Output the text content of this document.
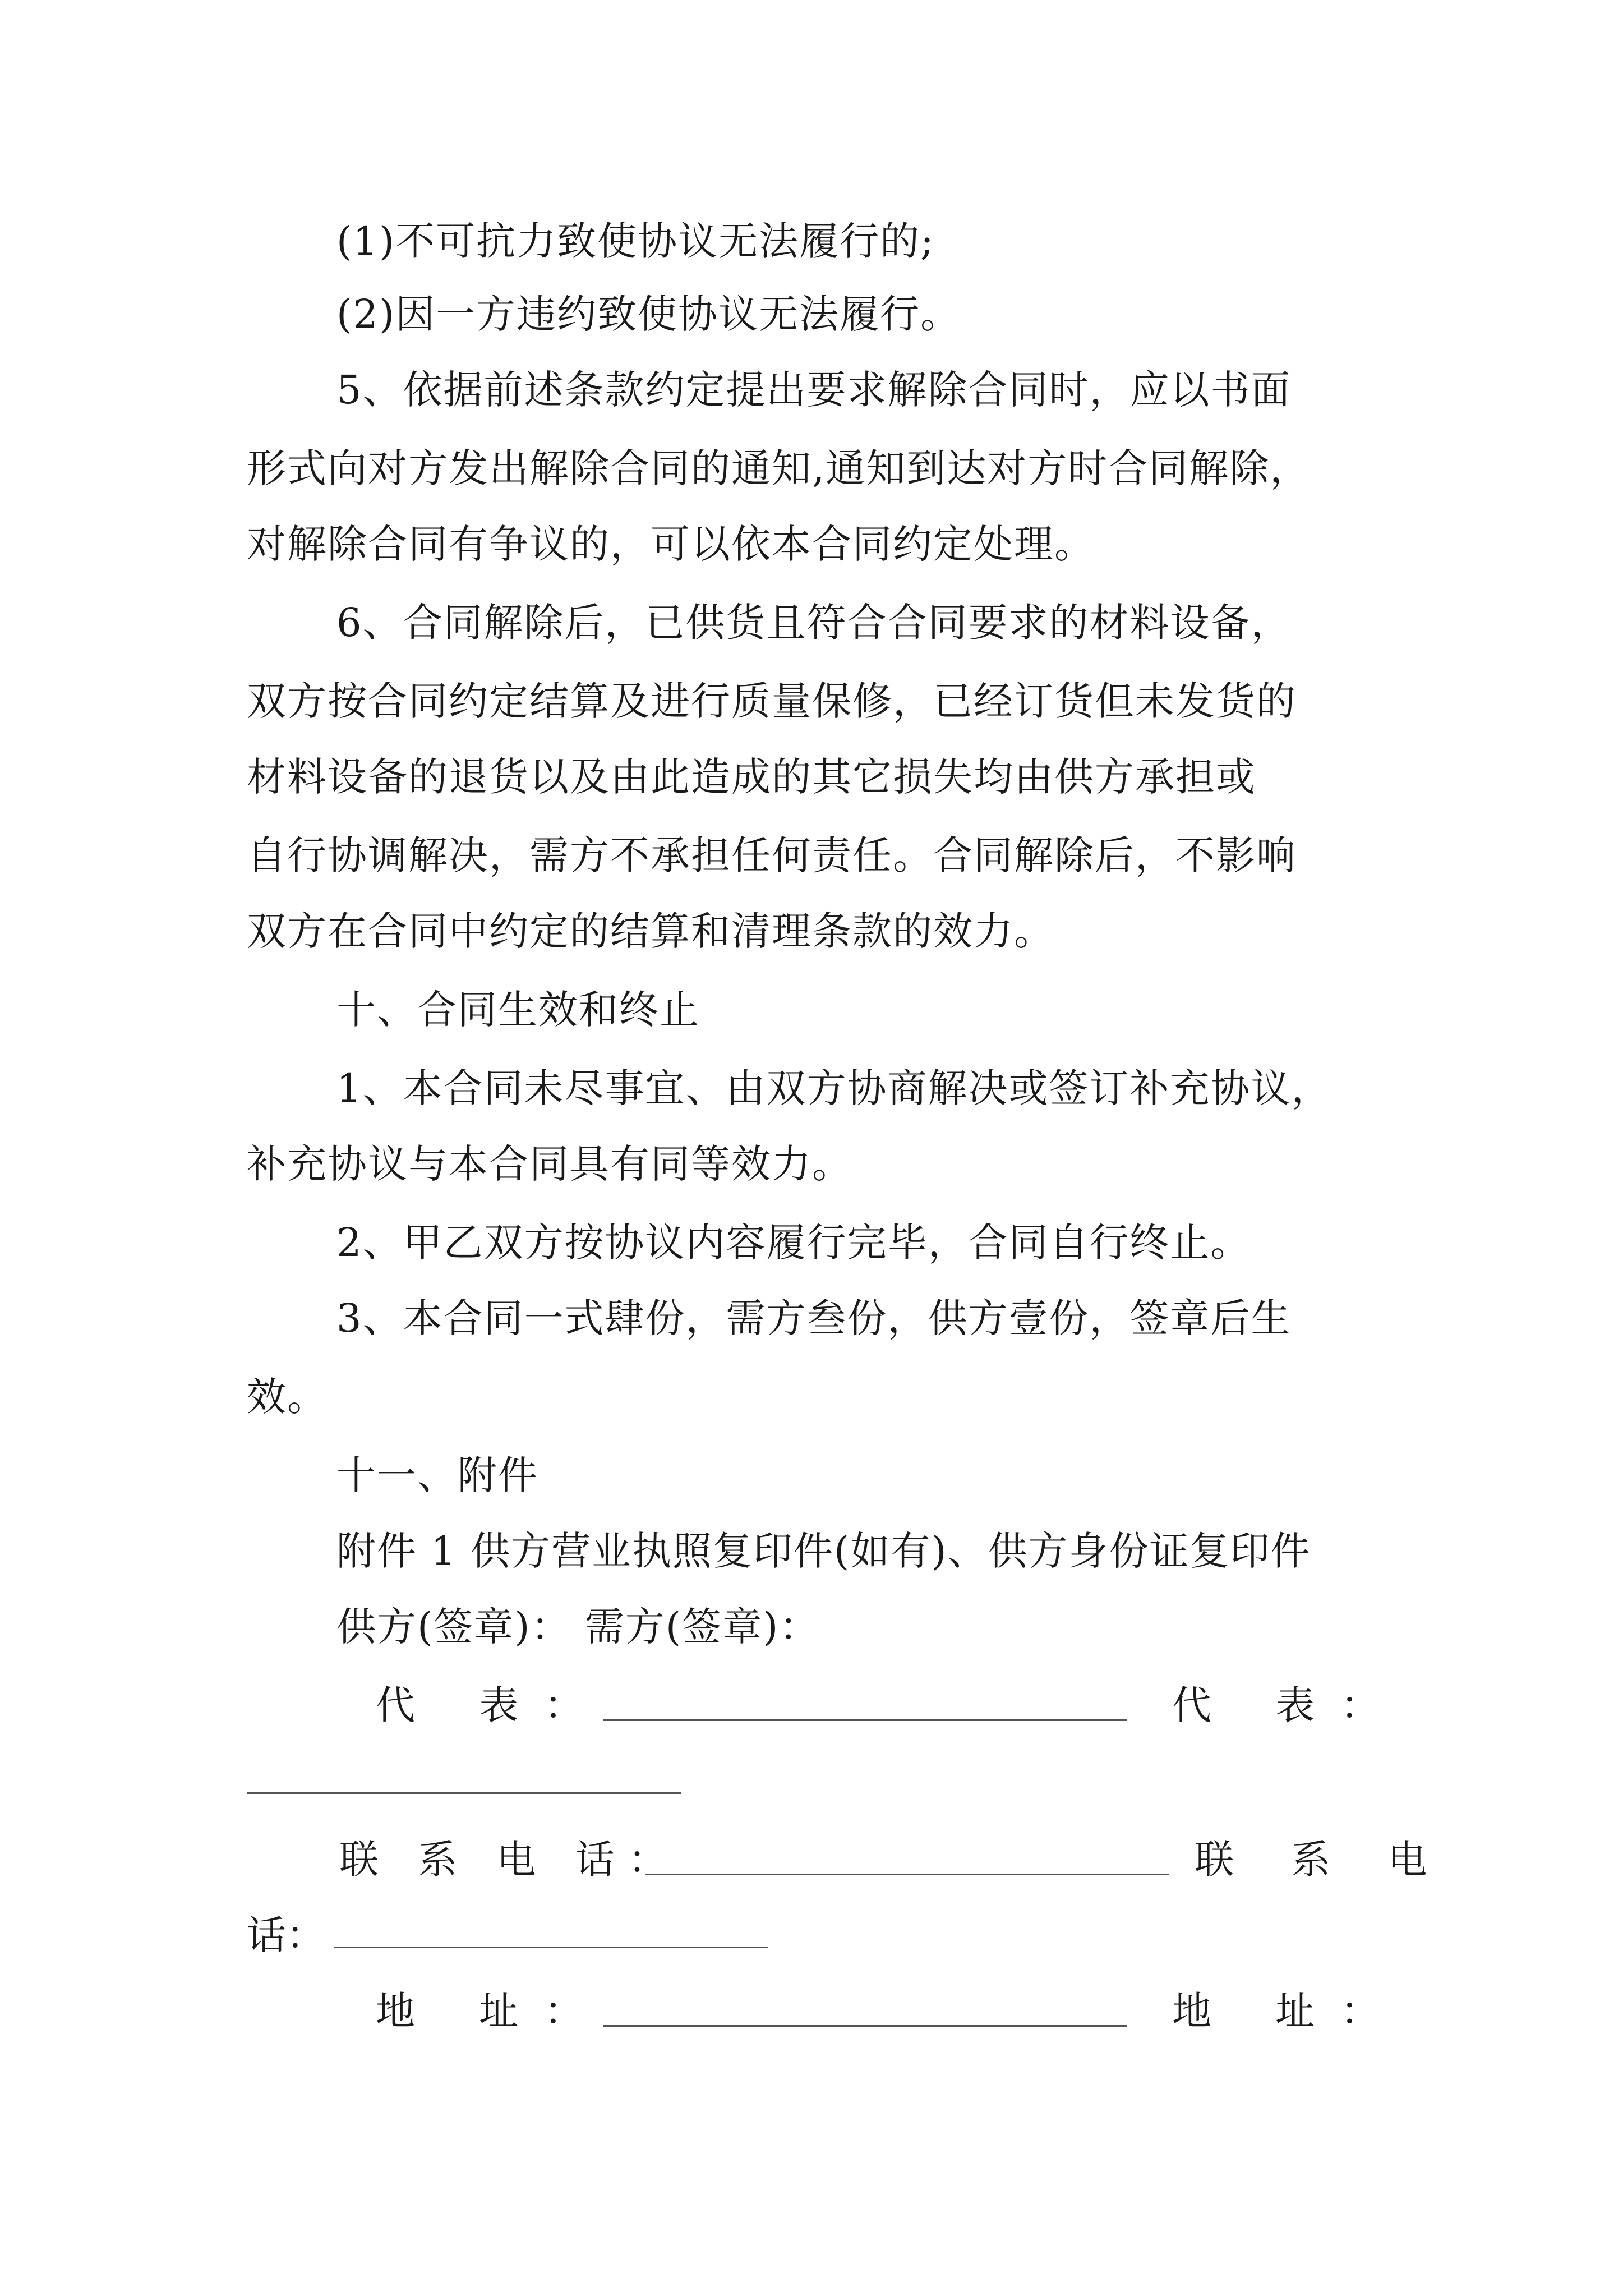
(1)不可抗力致使协议无法履行的;
(2)因一方违约致使协议无法履行。
5、依据前述条款约定提出要求解除合同时，应以书面
形式向对方发出解除合同的通知,通知到达对方时合同解除，
对解除合同有争议的，可以依本合同约定处理。
6、合同解除后，已供货且符合合同要求的材料设备，
双方按合同约定结算及进行质量保修，已经订货但未发货的
材料设备的退货以及由此造成的其它损失均由供方承担或
自行协调解决，需方不承担任何责任。合同解除后，不影响
双方在合同中约定的结算和清理条款的效力。
十、合同生效和终止
1、本合同未尽事宜、由双方协商解决或签订补充协议，
补充协议与本合同具有同等效力。
2、甲乙双方按协议内容履行完毕，合同自行终止。
3、本合同一式肆份，需方叁份，供方壹份，签章后生
效。
十一、附件
附件 1 供方营业执照复印件(如有)、供方身份证复印件
供方(签章)： 需方(签章)：
代 表：	代 表：
联 系 电 话：	联 系 电
话：
地 址：	地 址：
